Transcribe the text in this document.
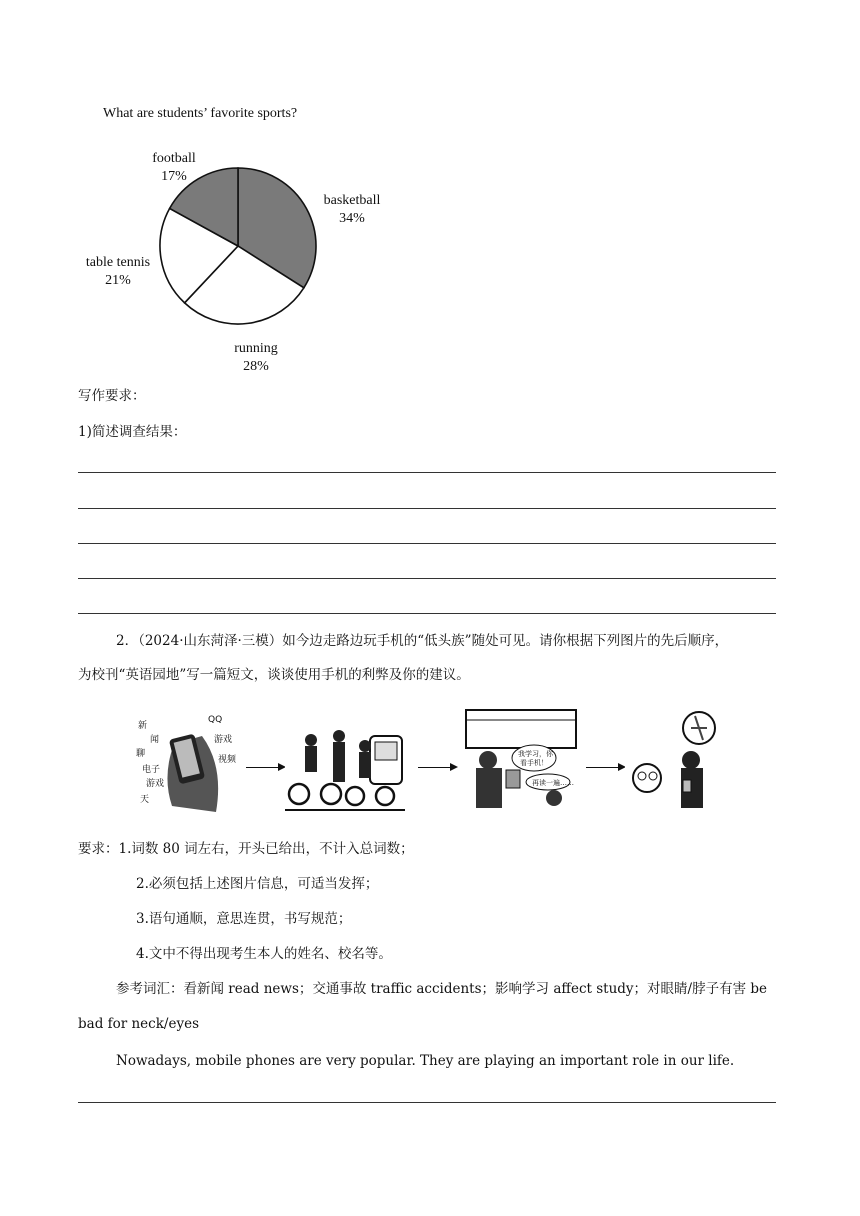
What are students’ favorite sports?
basketball
34%
running
28%
table tennis
21%
football
17%
写作要求：
1)简述调查结果：
2．（2024·山东菏泽·三模）如今边走路边玩手机的“低头族”随处可见。请你根据下列图片的先后顺序，
为校刊“英语园地”写一篇短文，谈谈使用手机的利弊及你的建议。
新
闻
聊
电子
游戏
天
QQ
游戏
视频
我学习，你
看手机！
再读一遍……
要求：1.词数 80 词左右，开头已给出，不计入总词数；
2.必须包括上述图片信息，可适当发挥；
3.语句通顺，意思连贯，书写规范；
4.文中不得出现考生本人的姓名、校名等。
参考词汇：看新闻 read news；交通事故 traffic accidents；影响学习 affect study；对眼睛/脖子有害 be
bad for neck/eyes
Nowadays, mobile phones are very popular. They are playing an important role in our life.
